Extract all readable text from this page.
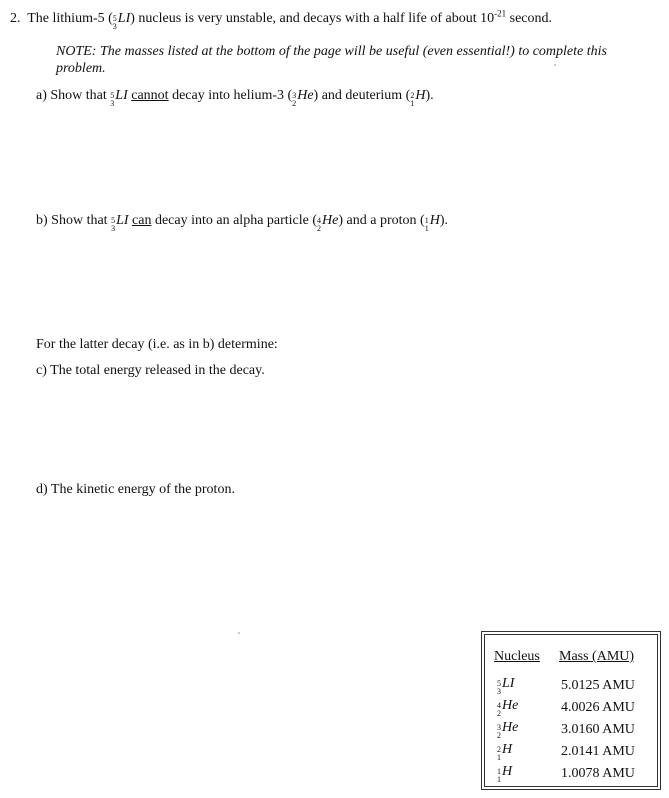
2. The lithium-5 ( 5
3
LI ) nucleus is very unstable, and decays with a half life of about $10^{-21}$ second.
NOTE: The masses listed at the bottom of the page will be useful (even essential!) to complete this problem.
a) Show that 5
3
LI cannot decay into helium-3 ( 3
2
He ) and deuterium ( 2
1
H ).
b) Show that 5
3
LI can decay into an alpha particle ( 4
2
He ) and a proton ( 1
1
H ).
For the latter decay (i.e. as in b) determine:
c) The total energy released in the decay.
d) The kinetic energy of the proton.
Nucleus Mass (AMU)
5
3
LI	5.0125 AMU
4
2
He	4.0026 AMU
3
2
He	3.0160 AMU
2
1
H	2.0141 AMU
1
1
H	1.0078 AMU
